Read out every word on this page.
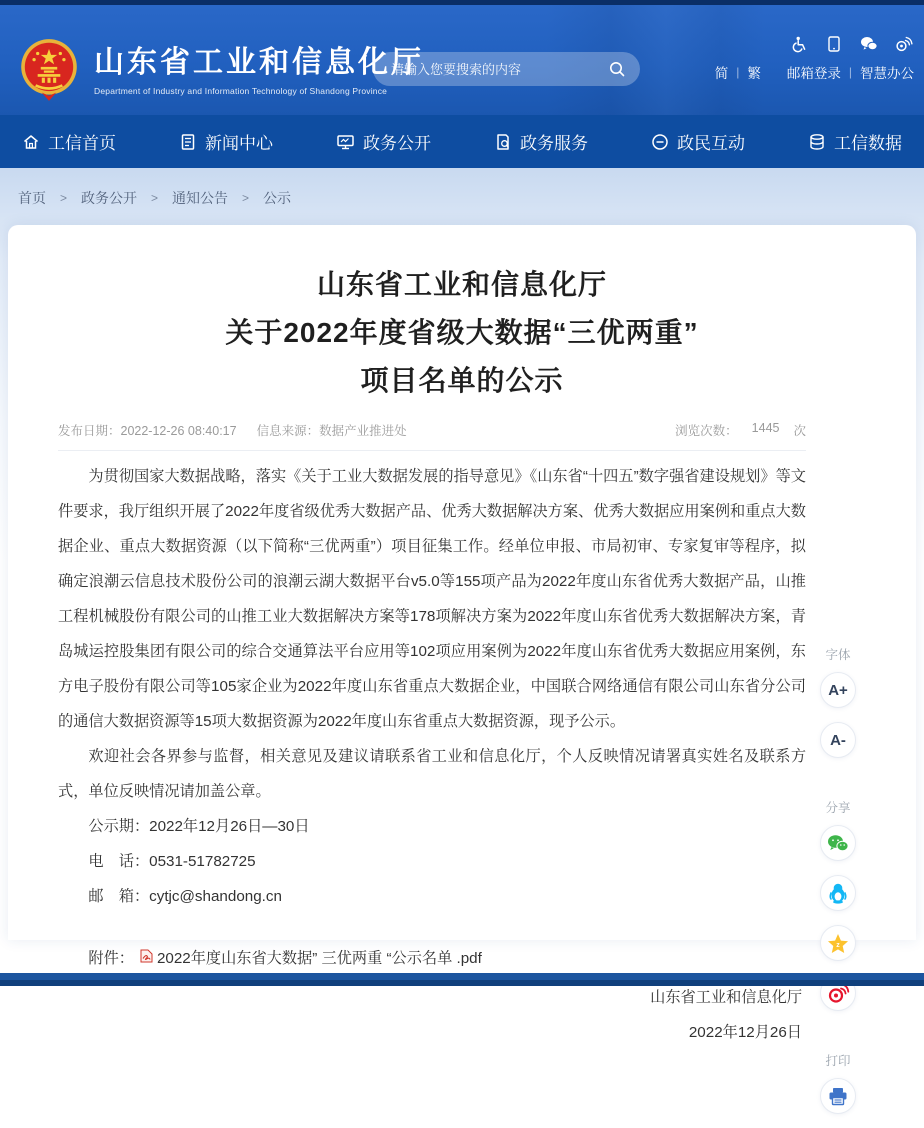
山东省工业和信息化厅
Department of Industry and Information Technology of Shandong Province
请输入您要搜索的内容
简 | 繁 邮箱登录 | 智慧办公
工信首页	新闻中心	政务公开	政务服务	政民互动	工信数据
首页 > 政务公开 > 通知公告 > 公示
山东省工业和信息化厅
关于2022年度省级大数据“三优两重”
项目名单的公示
发布日期：2022-12-26 08:40:17 信息来源：数据产业推进处	浏览次数： 1445 次

为贯彻国家大数据战略，落实《关于工业大数据发展的指导意见》《山东省“十四五”数字强省建设规划》等文件要求，我厅组织开展了2022年度省级优秀大数据产品、优秀大数据解决方案、优秀大数据应用案例和重点大数据企业、重点大数据资源（以下简称“三优两重”）项目征集工作。经单位申报、市局初审、专家复审等程序，拟确定浪潮云信息技术股份公司的浪潮云湖大数据平台v5.0等155项产品为2022年度山东省优秀大数据产品，山推工程机械股份有限公司的山推工业大数据解决方案等178项解决方案为2022年度山东省优秀大数据解决方案，青岛城运控股集团有限公司的综合交通算法平台应用等102项应用案例为2022年度山东省优秀大数据应用案例，东方电子股份有限公司等105家企业为2022年度山东省重点大数据企业，中国联合网络通信有限公司山东省分公司的通信大数据资源等15项大数据资源为2022年度山东省重点大数据资源，现予公示。

欢迎社会各界参与监督，相关意见及建议请联系省工业和信息化厅，个人反映情况请署真实姓名及联系方式，单位反映情况请加盖公章。

公示期：2022年12月26日—30日
电　话：0531-51782725
邮　箱：cytjc@shandong.cn
附件： 2022年度山东省大数据” 三优两重 “公示名单 .pdf
山东省工业和信息化厅
2022年12月26日
字体
A+
A-
分享
z
打印
